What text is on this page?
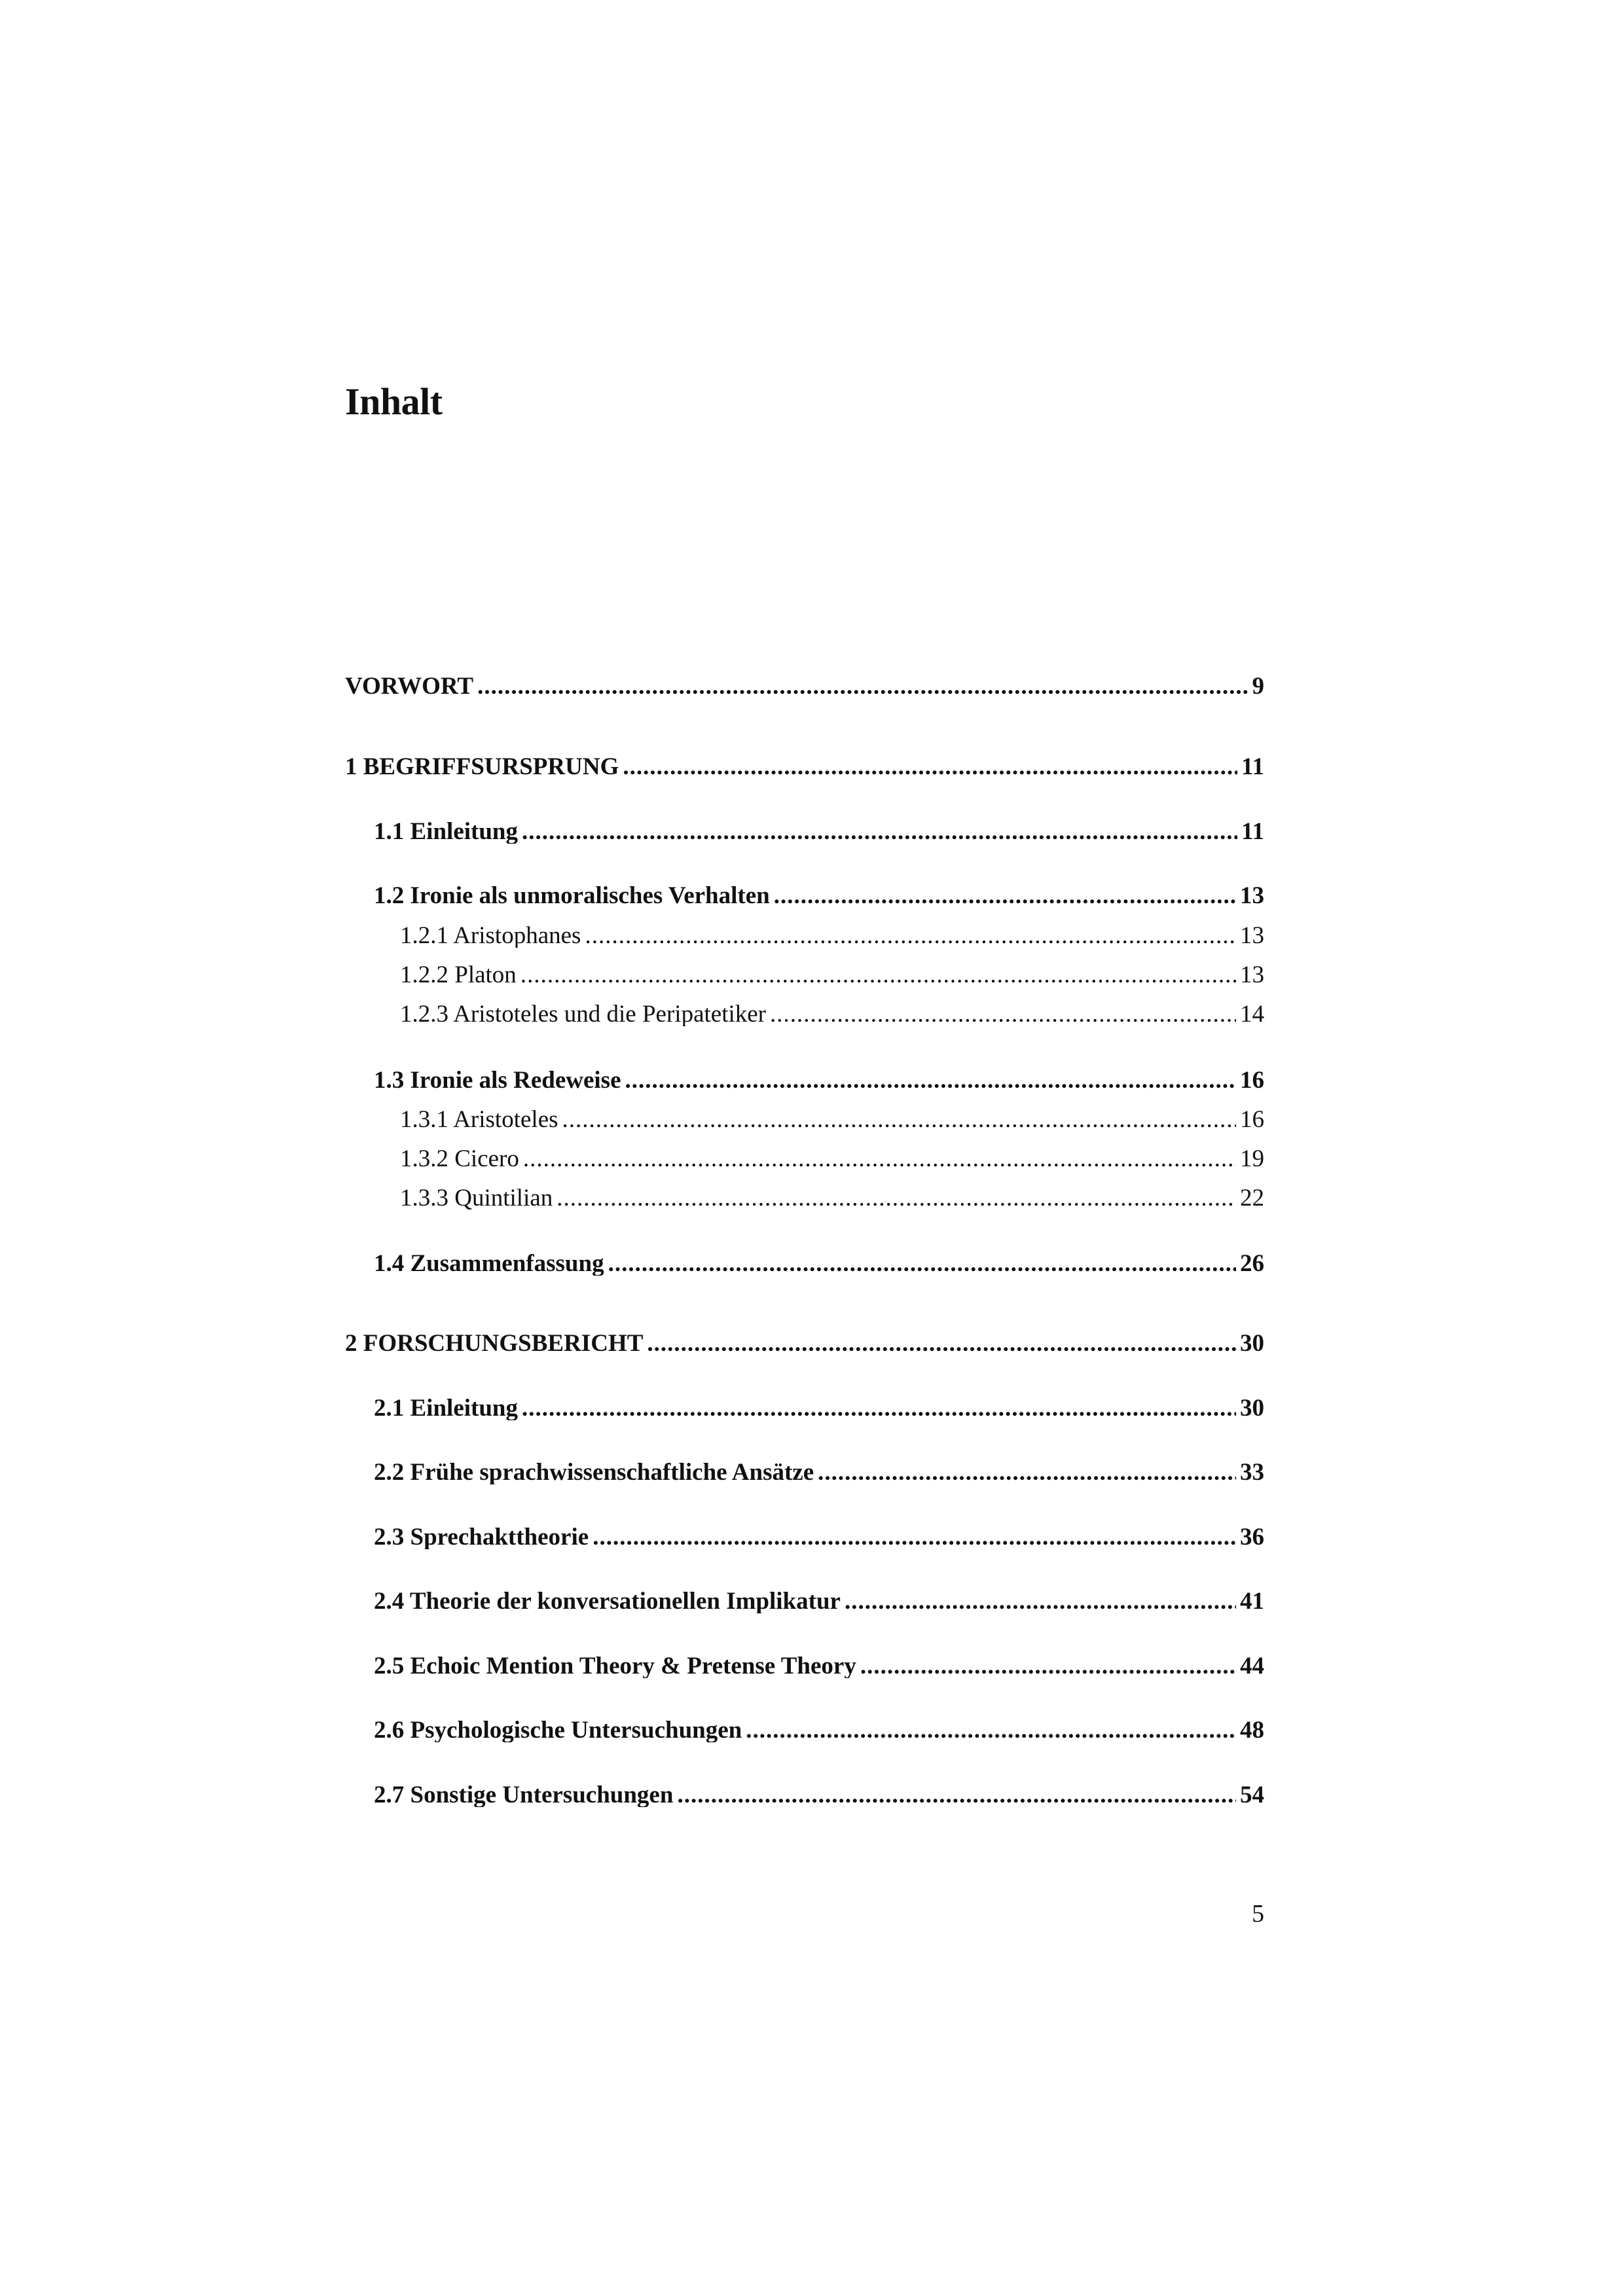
Inhalt
VORWORT .....	9
1 BEGRIFFSURSPRUNG .....	11
1.1 Einleitung .....	11
1.2 Ironie als unmoralisches Verhalten .....	13
1.2.1 Aristophanes .....	13
1.2.2 Platon .....	13
1.2.3 Aristoteles und die Peripatetiker .....	14
1.3 Ironie als Redeweise .....	16
1.3.1 Aristoteles .....	16
1.3.2 Cicero .....	19
1.3.3 Quintilian .....	22
1.4 Zusammenfassung .....	26
2 FORSCHUNGSBERICHT .....	30
2.1 Einleitung .....	30
2.2 Frühe sprachwissenschaftliche Ansätze .....	33
2.3 Sprechakttheorie .....	36
2.4 Theorie der konversationellen Implikatur .....	41
2.5 Echoic Mention Theory & Pretense Theory .....	44
2.6 Psychologische Untersuchungen .....	48
2.7 Sonstige Untersuchungen .....	54
5
